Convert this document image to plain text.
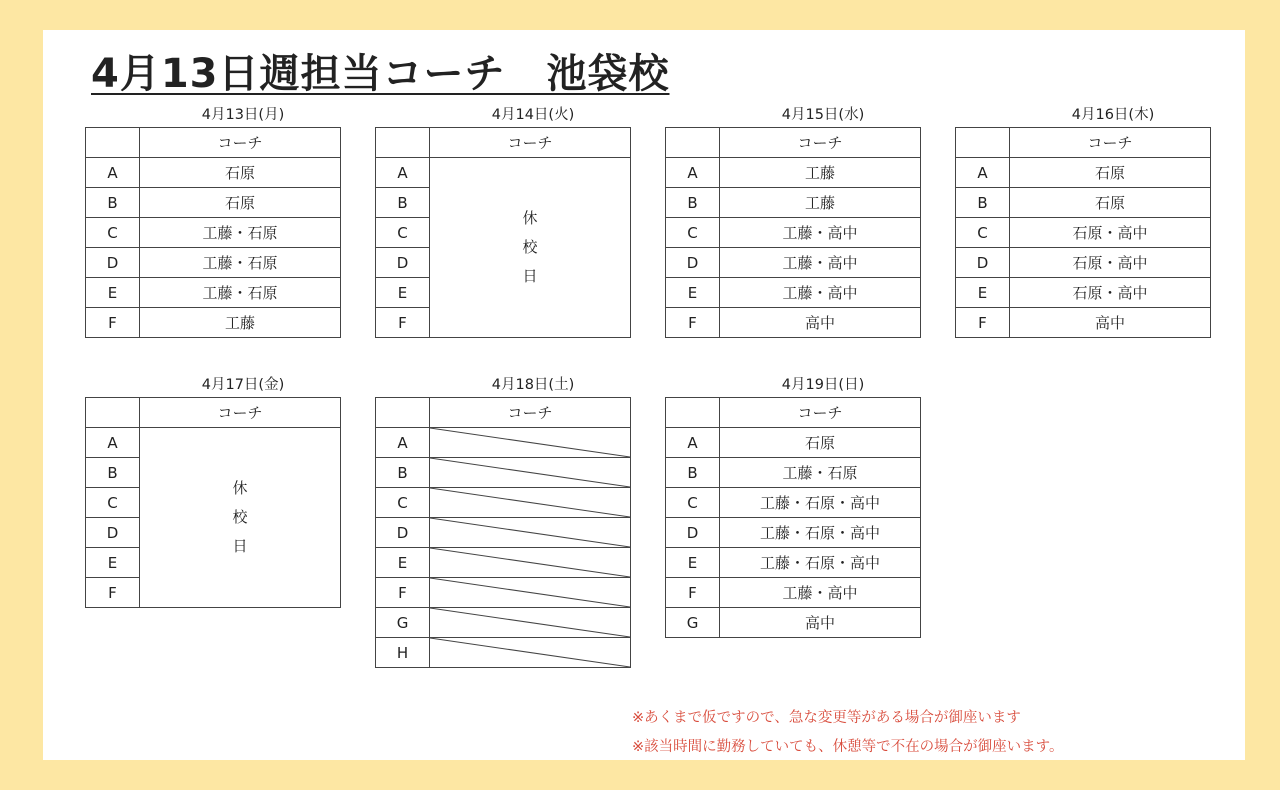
4月13日週担当コーチ　池袋校
4月13日(月)
	コーチ
A	石原
B	石原
C	工藤・石原
D	工藤・石原
E	工藤・石原
F	工藤
4月14日(火)
	コーチ
A	休
校
日

B	
C	
D	
E	
F	
4月15日(水)
	コーチ
A	工藤
B	工藤
C	工藤・高中
D	工藤・高中
E	工藤・高中
F	高中
4月16日(木)
	コーチ
A	石原
B	石原
C	石原・高中
D	石原・高中
E	石原・高中
F	高中
4月17日(金)
	コーチ
A	休
校
日

B	
C	
D	
E	
F	
4月18日(土)
	コーチ
A	
B	
C	
D	
E	
F	
G	
H	
4月19日(日)
	コーチ
A	石原
B	工藤・石原
C	工藤・石原・高中
D	工藤・石原・高中
E	工藤・石原・高中
F	工藤・高中
G	高中
※あくまで仮ですので、急な変更等がある場合が御座います
※該当時間に勤務していても、休憩等で不在の場合が御座います。
